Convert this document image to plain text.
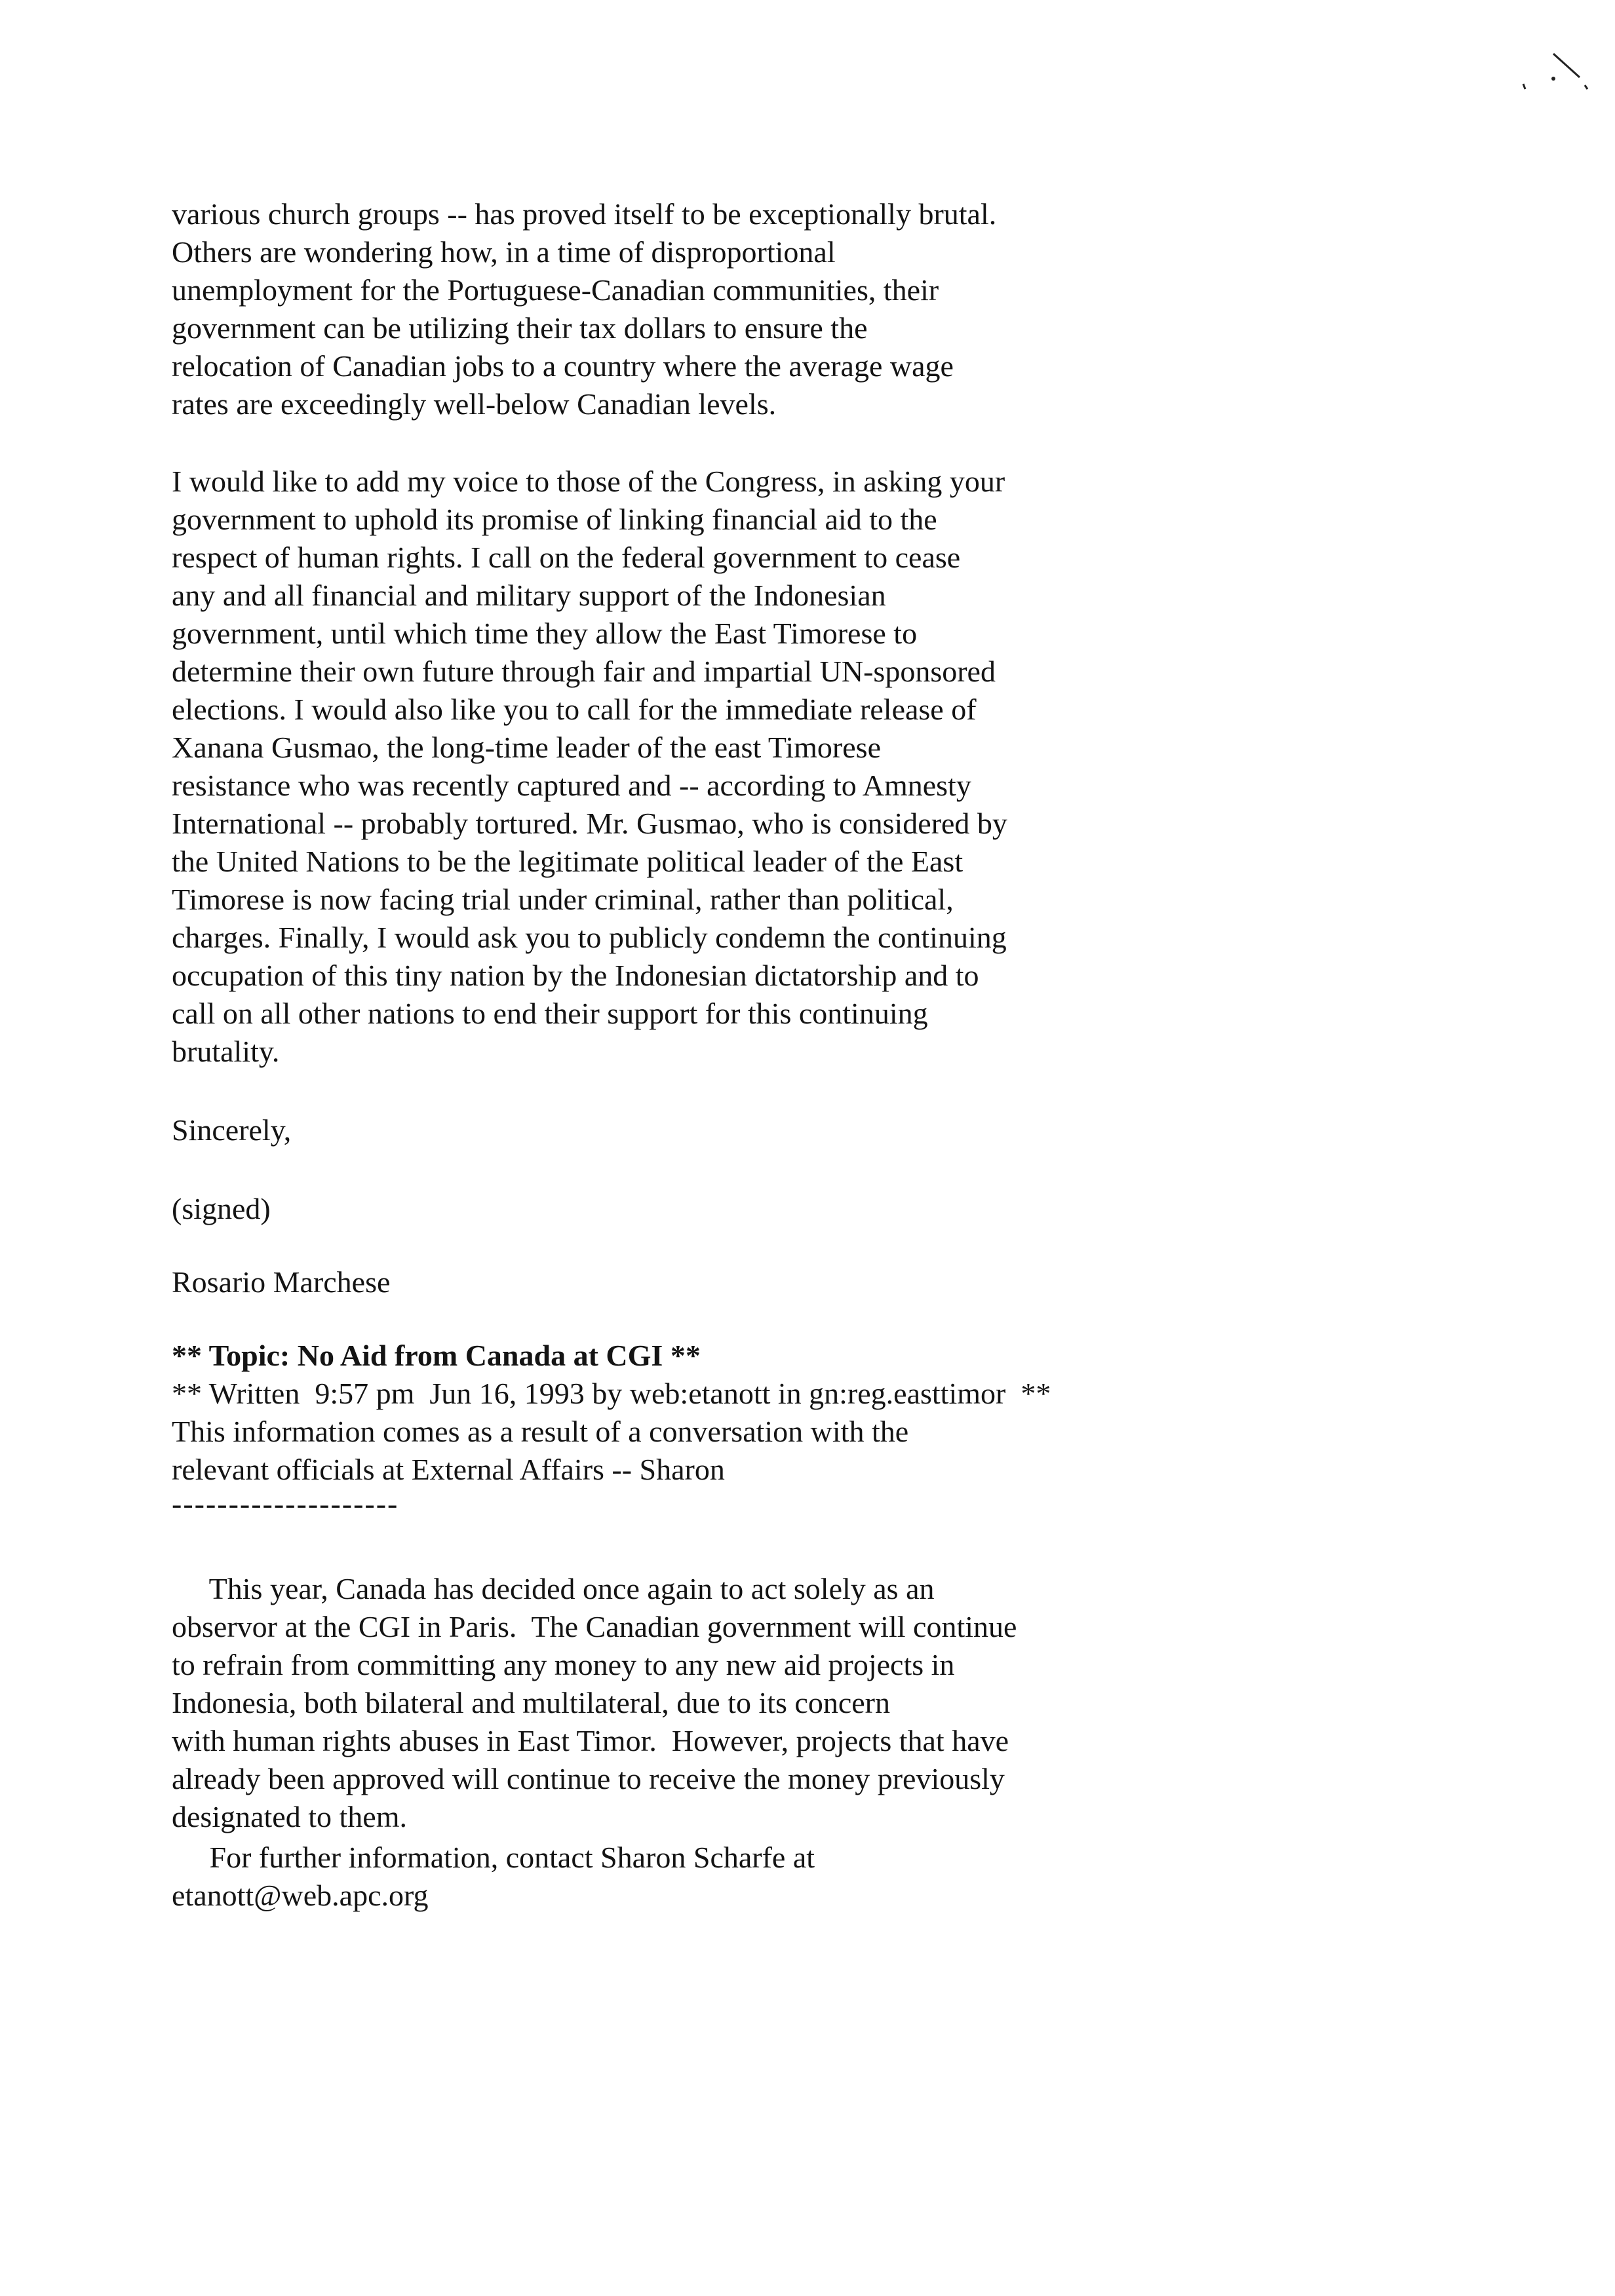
various church groups -- has proved itself to be exceptionally brutal.
Others are wondering how, in a time of disproportional
unemployment for the Portuguese-Canadian communities, their
government can be utilizing their tax dollars to ensure the
relocation of Canadian jobs to a country where the average wage
rates are exceedingly well-below Canadian levels.
I would like to add my voice to those of the Congress, in asking your
government to uphold its promise of linking financial aid to the
respect of human rights. I call on the federal government to cease
any and all financial and military support of the Indonesian
government, until which time they allow the East Timorese to
determine their own future through fair and impartial UN-sponsored
elections. I would also like you to call for the immediate release of
Xanana Gusmao, the long-time leader of the east Timorese
resistance who was recently captured and -- according to Amnesty
International -- probably tortured. Mr. Gusmao, who is considered by
the United Nations to be the legitimate political leader of the East
Timorese is now facing trial under criminal, rather than political,
charges. Finally, I would ask you to publicly condemn the continuing
occupation of this tiny nation by the Indonesian dictatorship and to
call on all other nations to end their support for this continuing
brutality.
Sincerely,
(signed)
Rosario Marchese
** Topic: No Aid from Canada at CGI **
** Written  9:57 pm  Jun 16, 1993 by web:etanott in gn:reg.easttimor  **
This information comes as a result of a conversation with the
relevant officials at External Affairs -- Sharon
--------------------
This year, Canada has decided once again to act solely as an
observor at the CGI in Paris.  The Canadian government will continue
to refrain from committing any money to any new aid projects in
Indonesia, both bilateral and multilateral, due to its concern
with human rights abuses in East Timor.  However, projects that have
already been approved will continue to receive the money previously
designated to them.
For further information, contact Sharon Scharfe at
etanott@web.apc.org
